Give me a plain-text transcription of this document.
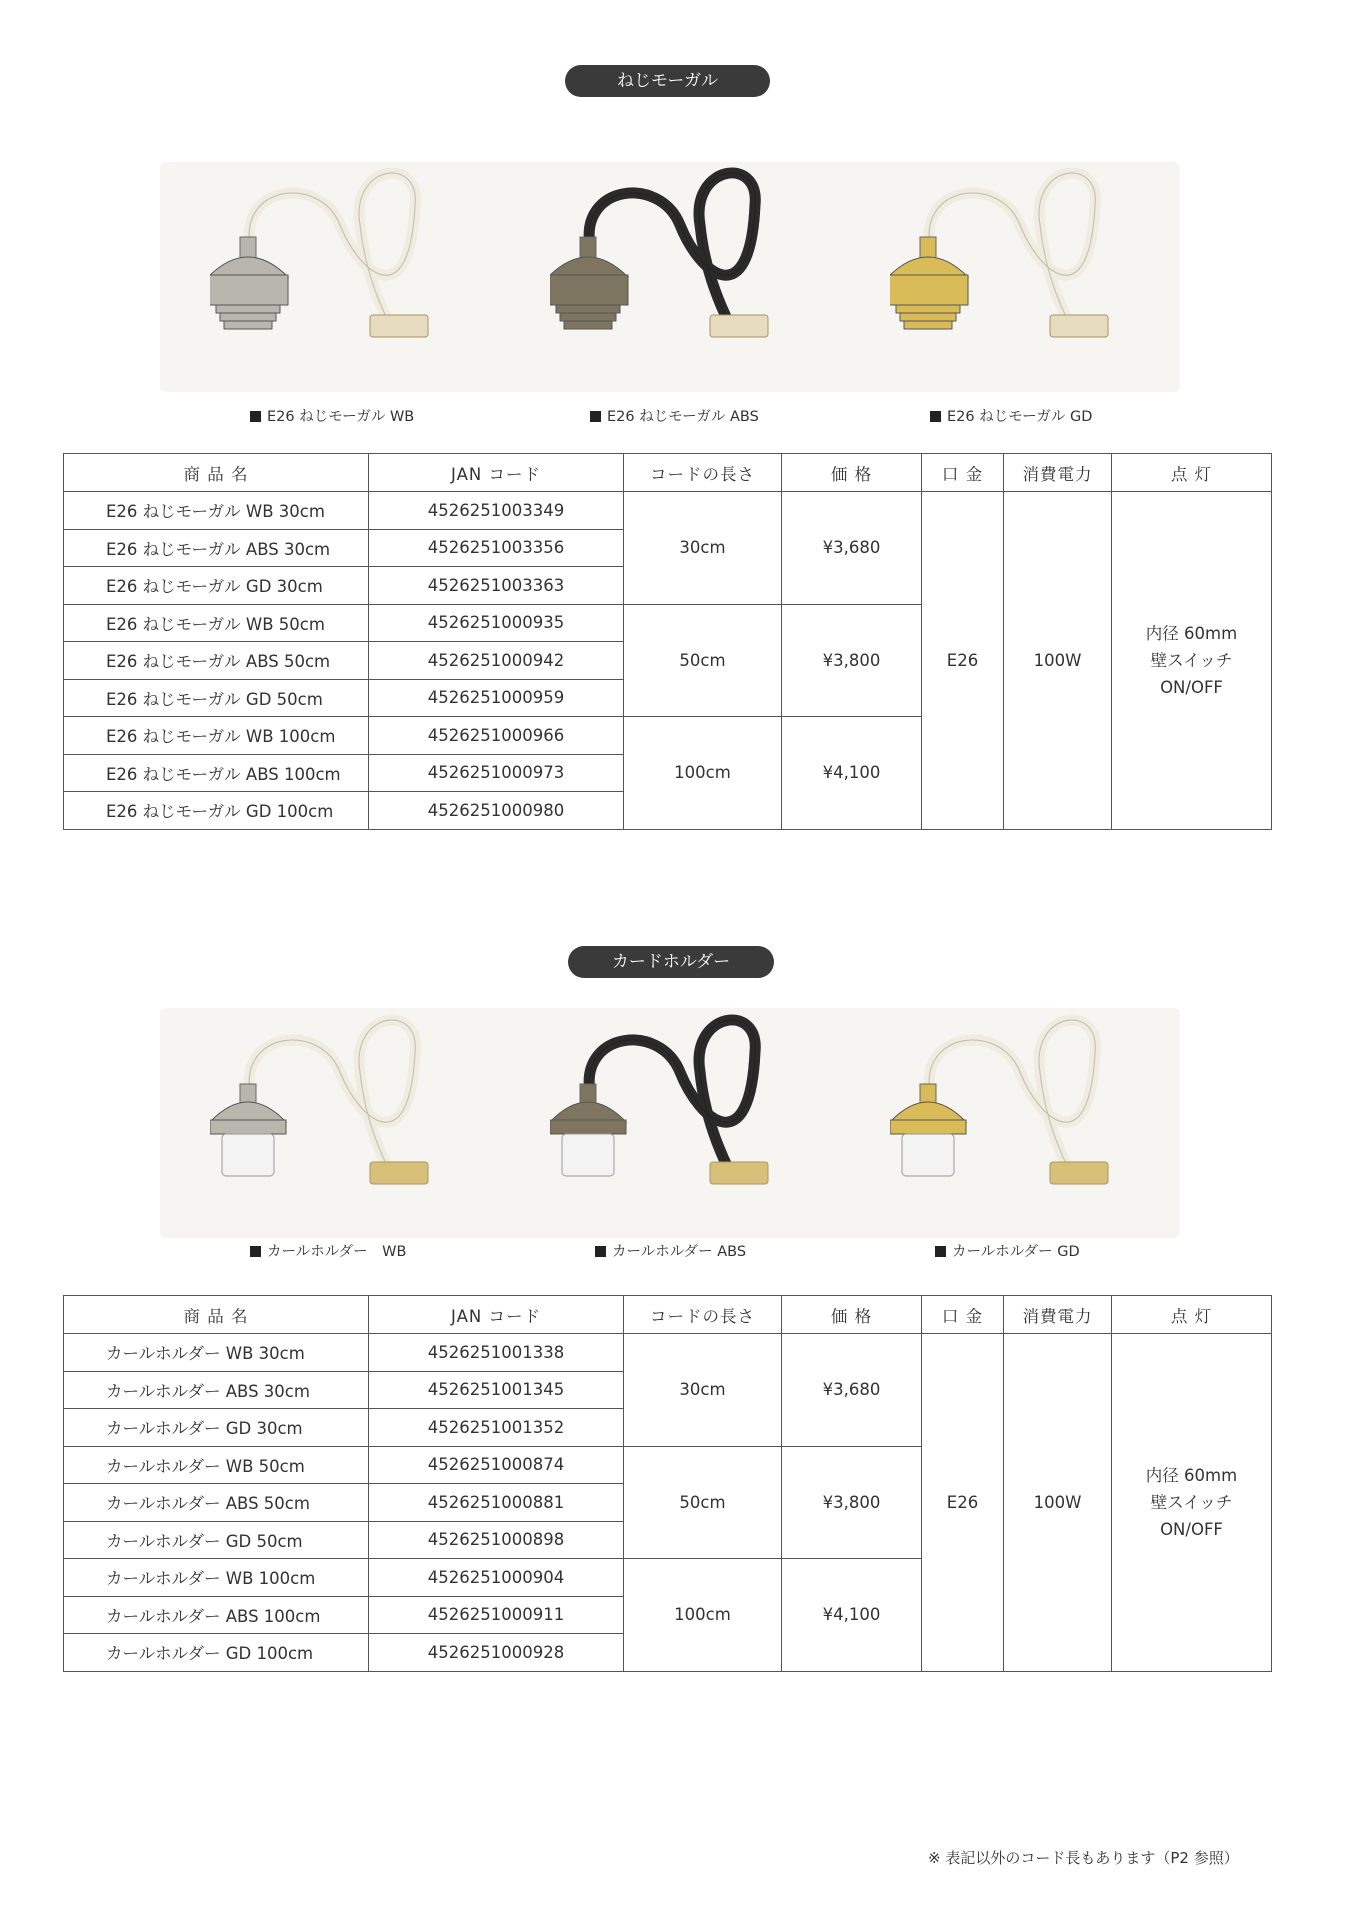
ねじモーガル
E26 ねじモーガル WB	E26 ねじモーガル ABS	E26 ねじモーガル GD
商 品 名	JAN コード	コードの長さ	価 格	口 金	消費電力	点 灯
E26 ねじモーガル WB 30cm	4526251003349	30cm	¥3,680	E26	100W	内径 60mm
壁スイッチ
ON/OFF

E26 ねじモーガル ABS 30cm	4526251003356					
E26 ねじモーガル GD 30cm	4526251003363					
E26 ねじモーガル WB 50cm	4526251000935	50cm	¥3,800			
E26 ねじモーガル ABS 50cm	4526251000942					
E26 ねじモーガル GD 50cm	4526251000959					
E26 ねじモーガル WB 100cm	4526251000966	100cm	¥4,100			
E26 ねじモーガル ABS 100cm	4526251000973					
E26 ねじモーガル GD 100cm	4526251000980					
カードホルダー
カールホルダー　WB	カールホルダー ABS	カールホルダー GD
商 品 名	JAN コード	コードの長さ	価 格	口 金	消費電力	点 灯
カールホルダー WB 30cm	4526251001338	30cm	¥3,680	E26	100W	内径 60mm
壁スイッチ
ON/OFF

カールホルダー ABS 30cm	4526251001345					
カールホルダー GD 30cm	4526251001352					
カールホルダー WB 50cm	4526251000874	50cm	¥3,800			
カールホルダー ABS 50cm	4526251000881					
カールホルダー GD 50cm	4526251000898					
カールホルダー WB 100cm	4526251000904	100cm	¥4,100			
カールホルダー ABS 100cm	4526251000911					
カールホルダー GD 100cm	4526251000928					
※ 表記以外のコード長もあります（P2 参照）
